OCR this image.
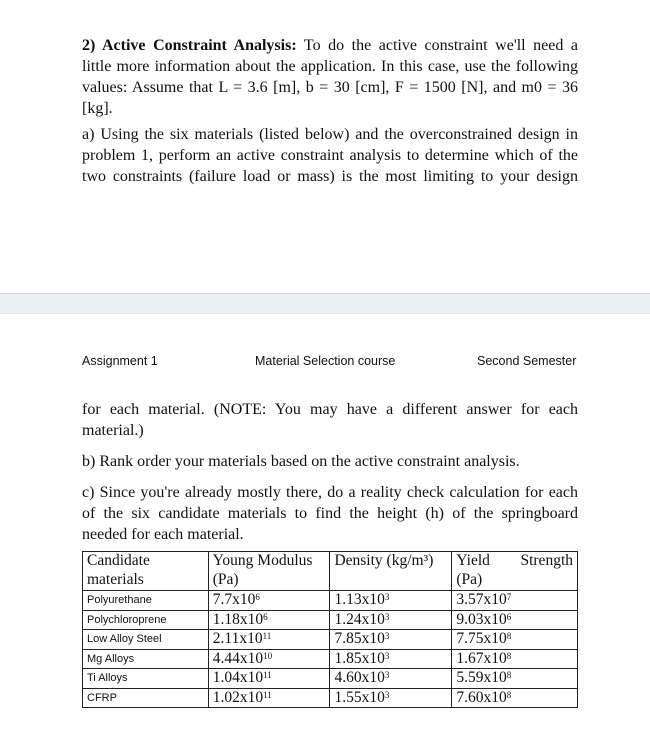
2) Active Constraint Analysis: To do the active constraint we'll need a
little more information about the application. In this case, use the following
values: Assume that L = 3.6 [m], b = 30 [cm], F = 1500 [N], and m0 = 36
[kg].
a) Using the six materials (listed below) and the overconstrained design in
problem 1, perform an active constraint analysis to determine which of the
two constraints (failure load or mass) is the most limiting to your design
Assignment 1	Material Selection course	Second Semester
for each material. (NOTE: You may have a different answer for each
material.)
b) Rank order your materials based on the active constraint analysis.
c) Since you're already mostly there, do a reality check calculation for each
of the six candidate materials to find the height (h) of the springboard
needed for each material.
Candidate materials	Young Modulus (Pa)	Density (kg/m³)	Yield Strength (Pa)
Polyurethane	$7.7x10^6$	$1.13x10^3$	$3.57x10^7$
Polychloroprene	$1.18x10^6$	$1.24x10^3$	$9.03x10^6$
Low Alloy Steel	$2.11x10^{11}$	$7.85x10^3$	$7.75x10^8$
Mg Alloys	$4.44x10^{10}$	$1.85x10^3$	$1.67x10^8$
Ti Alloys	$1.04x10^{11}$	$4.60x10^3$	$5.59x10^8$
CFRP	$1.02x10^{11}$	$1.55x10^3$	$7.60x10^8$
